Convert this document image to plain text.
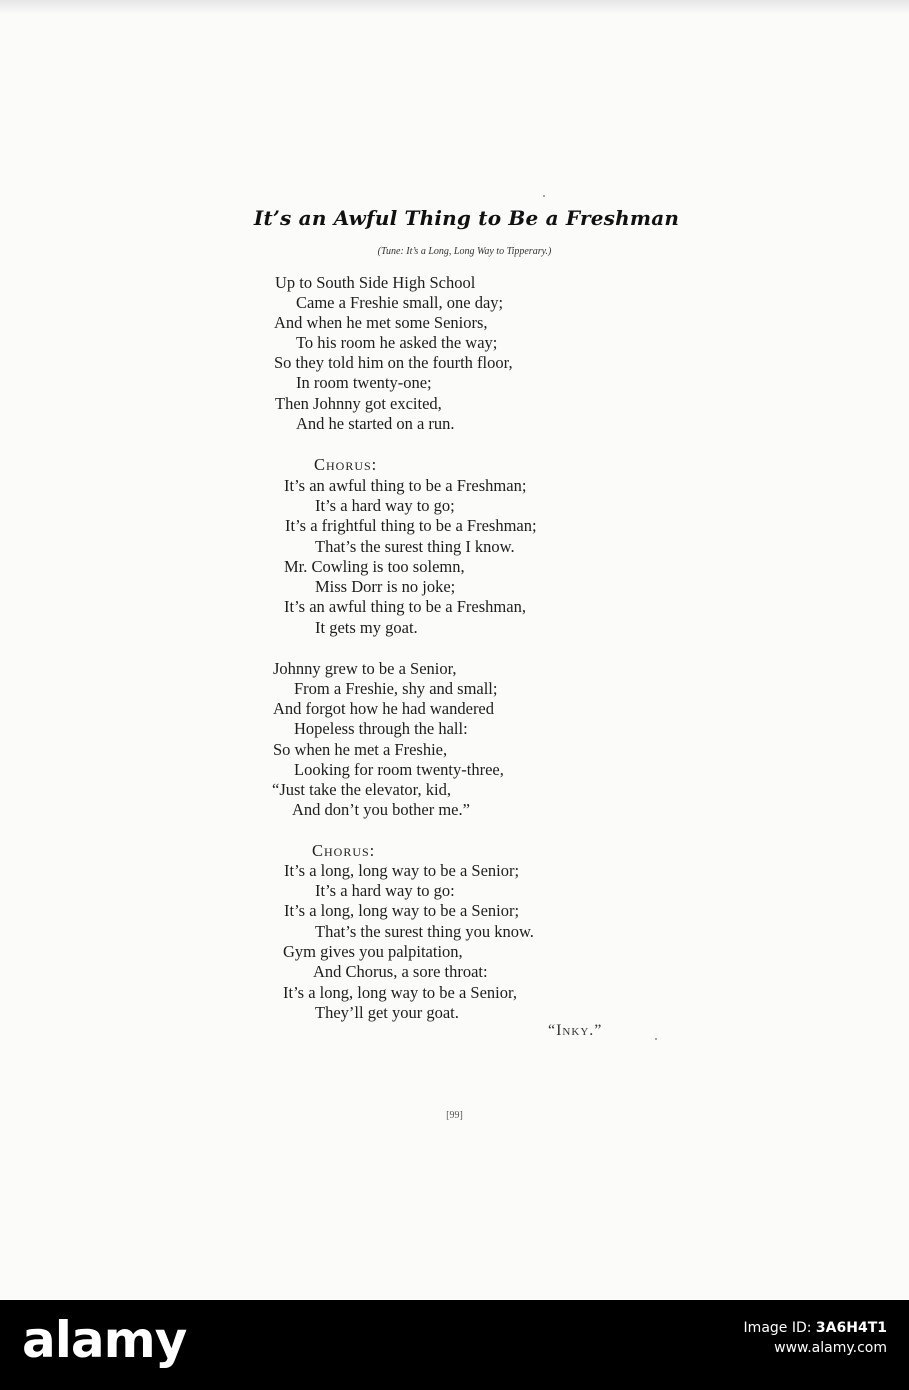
It’s an Awful Thing to Be a Freshman
(Tune: It’s a Long, Long Way to Tipperary.)
Up to South Side High School
Came a Freshie small, one day;
And when he met some Seniors,
To his room he asked the way;
So they told him on the fourth floor,
In room twenty-one;
Then Johnny got excited,
And he started on a run.
Chorus:
It’s an awful thing to be a Freshman;
It’s a hard way to go;
It’s a frightful thing to be a Freshman;
That’s the surest thing I know.
Mr. Cowling is too solemn,
Miss Dorr is no joke;
It’s an awful thing to be a Freshman,
It gets my goat.
Johnny grew to be a Senior,
From a Freshie, shy and small;
And forgot how he had wandered
Hopeless through the hall:
So when he met a Freshie,
Looking for room twenty-three,
“Just take the elevator, kid,
And don’t you bother me.”
Chorus:
It’s a long, long way to be a Senior;
It’s a hard way to go:
It’s a long, long way to be a Senior;
That’s the surest thing you know.
Gym gives you palpitation,
And Chorus, a sore throat:
It’s a long, long way to be a Senior,
They’ll get your goat.
“Inky.”
[99]
alamy	Image ID: 3A6H4T1
www.alamy.com
